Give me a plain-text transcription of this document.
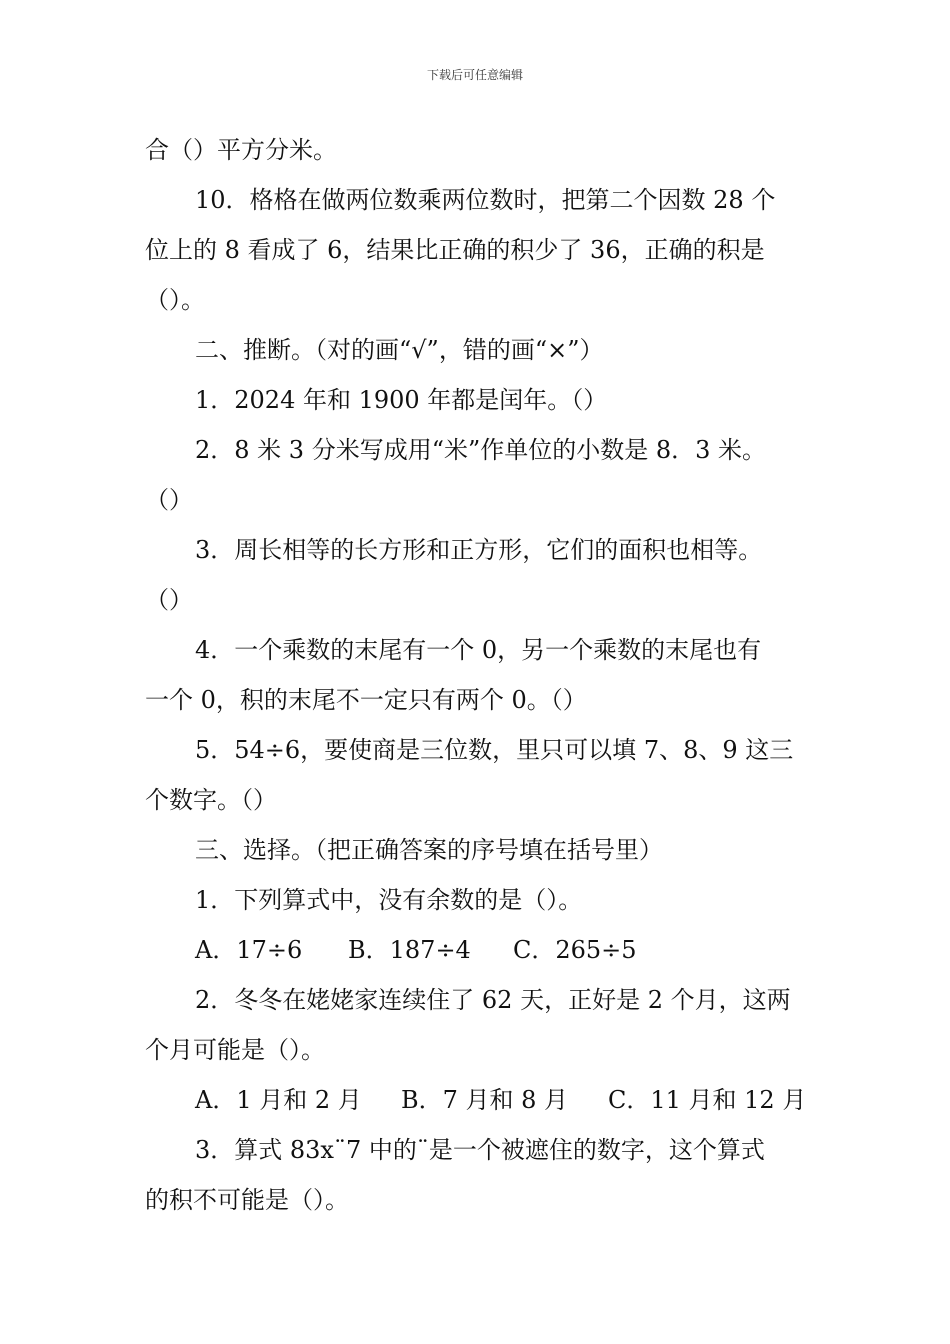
下载后可任意编辑
合（）平方分米。
10．格格在做两位数乘两位数时，把第二个因数 28 个
位上的 8 看成了 6，结果比正确的积少了 36，正确的积是
（）。
二、推断。（对的画“√”，错的画“×”）
1．2024 年和 1900 年都是闰年。（）
2．8 米 3 分米写成用“米”作单位的小数是 8．3 米。
（）
3．周长相等的长方形和正方形，它们的面积也相等。
（）
4．一个乘数的末尾有一个 0，另一个乘数的末尾也有
一个 0，积的末尾不一定只有两个 0。（）
5．54÷6，要使商是三位数，里只可以填 7、8、9 这三
个数字。（）
三、选择。（把正确答案的序号填在括号里）
1．下列算式中，没有余数的是（）。
A．17÷6 B．187÷4 C．265÷5
2．冬冬在姥姥家连续住了 62 天，正好是 2 个月，这两
个月可能是（）。
A．1 月和 2 月 B．7 月和 8 月 C．11 月和 12 月
3．算式 83x¨7 中的¨是一个被遮住的数字，这个算式
的积不可能是（）。
